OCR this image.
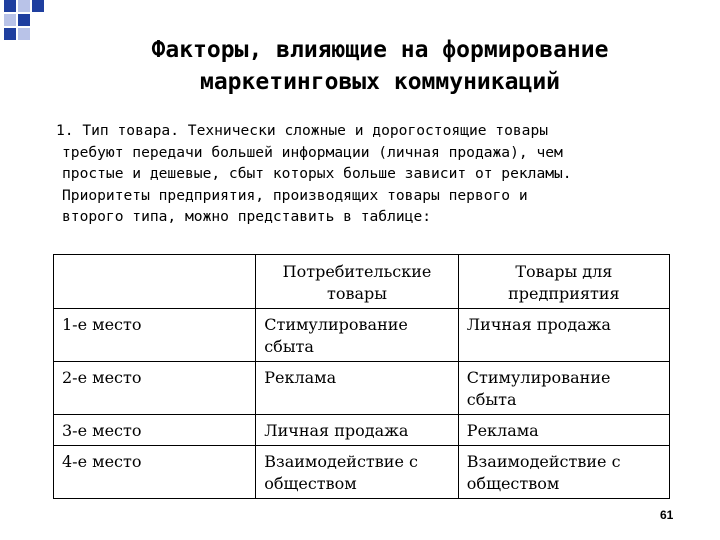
Факторы, влияющие на формирование
маркетинговых коммуникаций
1. Тип товара. Технически сложные и дорогостоящие товары
требуют передачи большей информации (личная продажа), чем
простые и дешевые, сбыт которых больше зависит от рекламы.
Приоритеты предприятия, производящих товары первого и
второго типа, можно представить в таблице:
	Потребительские товары	Товары для предприятия
1-е место	Стимулирование сбыта	Личная продажа
2-е место	Реклама	Стимулирование сбыта
3-е место	Личная продажа	Реклама
4-е место	Взаимодействие с обществом	Взаимодействие с обществом
61
